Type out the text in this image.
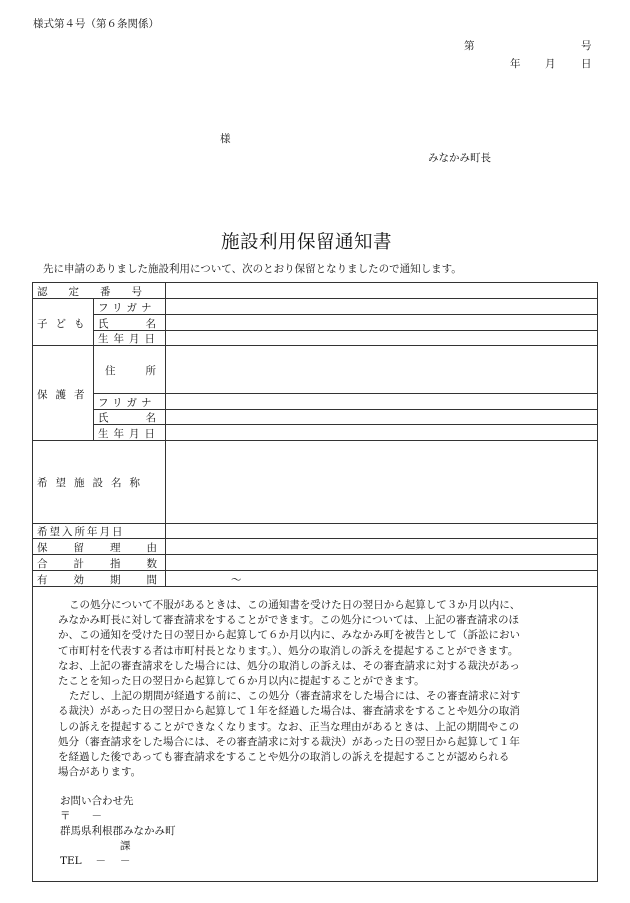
様式第４号（第６条関係）
第	号
年 月 日
様
みなかみ町長
施設利用保留通知書
先に申請のありました施設利用について、次のとおり保留となりましたので通知します。
認定番号
子ども
フリガナ
氏名
生年月日
保護者
住所
フリガナ
氏名
生年月日
希望施設名称
希望入所年月日
保留理由
合計指数
有効期間	～

この処分について不服があるときは、この通知書を受けた日の翌日から起算して３か月以内に、

みなかみ町長に対して審査請求をすることができます。この処分については、上記の審査請求のほ

か、この通知を受けた日の翌日から起算して６か月以内に、みなかみ町を被告として（訴訟におい

て市町村を代表する者は市町村長となります。）、処分の取消しの訴えを提起することができます。

なお、上記の審査請求をした場合には、処分の取消しの訴えは、その審査請求に対する裁決があっ

たことを知った日の翌日から起算して６か月以内に提起することができます。

ただし、上記の期間が経過する前に、この処分（審査請求をした場合には、その審査請求に対す

る裁決）があった日の翌日から起算して１年を経過した場合は、審査請求をすることや処分の取消

しの訴えを提起することができなくなります。なお、正当な理由があるときは、上記の期間やこの

処分（審査請求をした場合には、その審査請求に対する裁決）があった日の翌日から起算して１年

を経過した後であっても審査請求をすることや処分の取消しの訴えを提起することが認められる

場合があります。

お問い合わせ先
〒　　－
群馬県利根郡みなかみ町
課
TEL　 －　 －
